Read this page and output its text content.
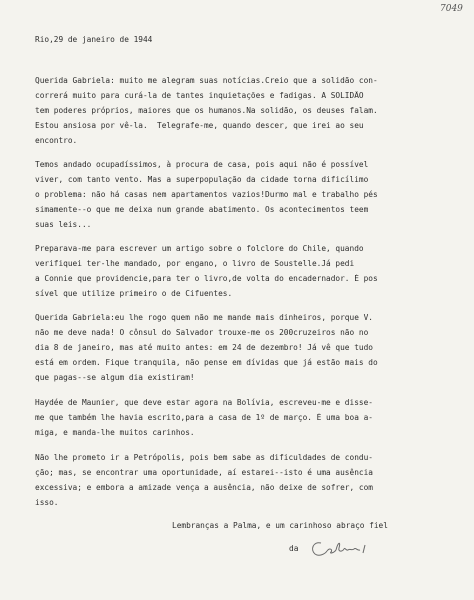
7049
Rio,29 de janeiro de 1944
Querida Gabriela: muito me alegram suas notícias.Creio que a solidão con-
correrá muito para curá-la de tantes inquietações e fadigas. A SOLIDÃO
tem poderes próprios, maiores que os humanos.Na solidão, os deuses falam.
Estou ansiosa por vê-la.  Telegrafe-me, quando descer, que irei ao seu
encontro.
Temos andado ocupadíssimos, à procura de casa, pois aqui não é possível
viver, com tanto vento. Mas a superpopulação da cidade torna dificílimo
o problema: não há casas nem apartamentos vazios!Durmo mal e trabalho pés
simamente--o que me deixa num grande abatimento. Os acontecimentos teem
suas leis...
Preparava-me para escrever um artigo sobre o folclore do Chile, quando
verifiquei ter-lhe mandado, por engano, o livro de Soustelle.Já pedi
a Connie que providencie,para ter o livro,de volta do encadernador. É pos
sível que utilize primeiro o de Cifuentes.
Querida Gabriela:eu lhe rogo quem não me mande mais dinheiros, porque V.
não me deve nada! O cônsul do Salvador trouxe-me os 200cruzeiros não no
dia 8 de janeiro, mas até muito antes: em 24 de dezembro! Já vê que tudo
está em ordem. Fique tranquila, não pense em dívidas que já estão mais do
que pagas--se algum dia existiram!
Haydée de Maunier, que deve estar agora na Bolívia, escreveu-me e disse-
me que também lhe havia escrito,para a casa de 1º de março. É uma boa a-
miga, e manda-lhe muitos carinhos.
Não lhe prometo ir a Petrópolis, pois bem sabe as dificuldades de condu-
ção; mas, se encontrar uma oportunidade, aí estarei--isto é uma ausência
excessiva; e embora a amizade vença a ausência, não deixe de sofrer, com
isso.
Lembranças a Palma, e um carinhoso abraço fiel
da
